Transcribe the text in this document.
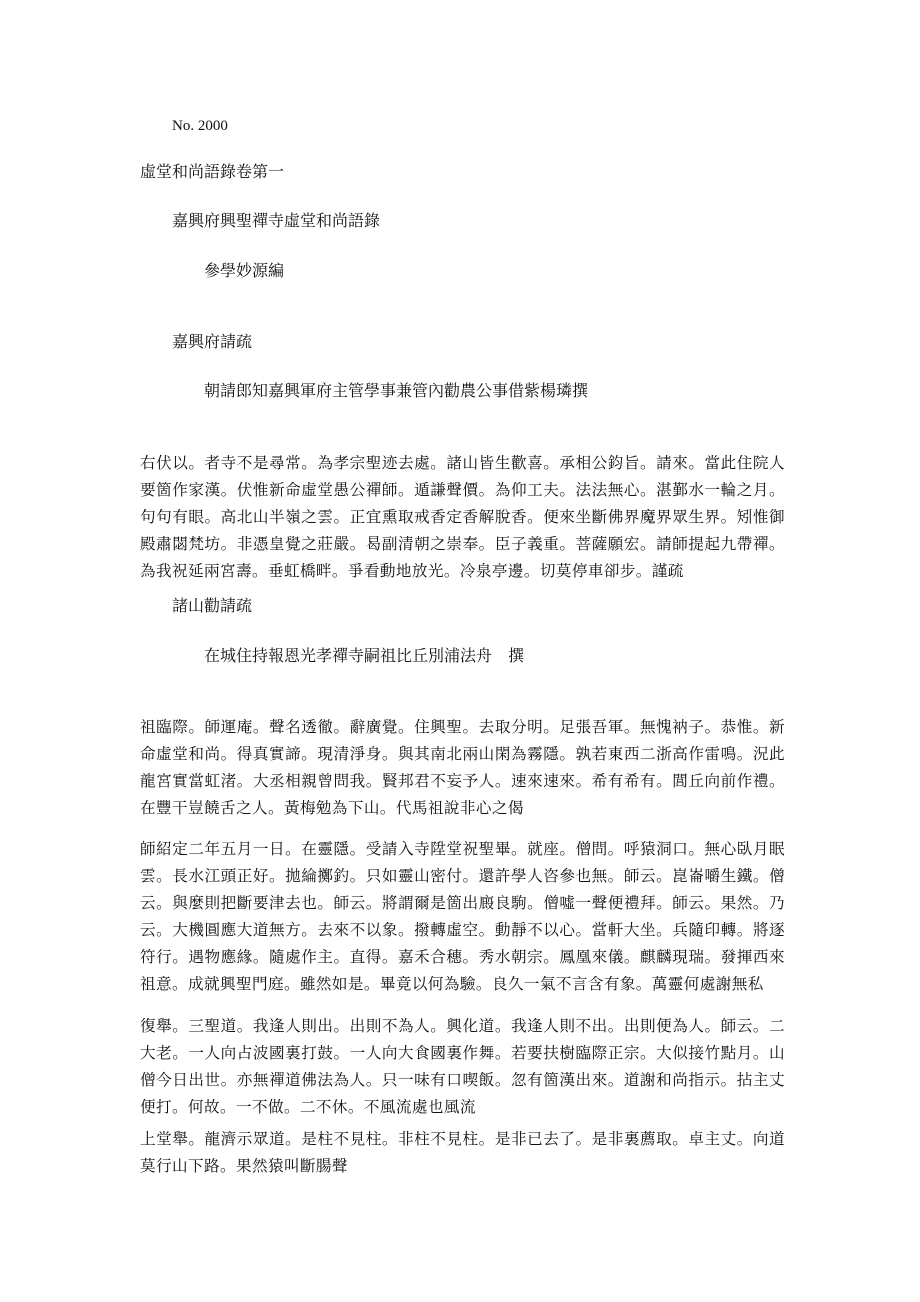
No. 2000
虛堂和尚語錄卷第一
嘉興府興聖禪寺虛堂和尚語錄
參學妙源編
嘉興府請疏
朝請郎知嘉興軍府主管學事兼管內勸農公事借紫楊璘撰
右伏以。者寺不是尋常。為孝宗聖迹去處。諸山皆生歡喜。承相公鈞旨。請來。當此住院人要箇作家漢。伏惟新命虛堂愚公禪師。遁謙聲價。為仰工夫。法法無心。湛鄞水一輪之月。句句有眼。高北山半嶺之雲。正宜熏取戒香定香解脫香。便來坐斷佛界魔界眾生界。矧惟御殿肅閟梵坊。非憑皇覺之莊嚴。曷副清朝之崇奉。臣子義重。菩薩願宏。請師提起九帶禪。為我祝延兩宮壽。垂虹橋畔。爭看動地放光。冷泉亭邊。切莫停車卻步。謹疏
諸山勸請疏
在城住持報恩光孝禪寺嗣祖比丘別浦法舟　撰
祖臨際。師運庵。聲名透徹。辭廣覺。住興聖。去取分明。足張吾軍。無愧衲子。恭惟。新命虛堂和尚。得真實諦。現清淨身。與其南北兩山閑為霧隱。孰若東西二浙高作雷鳴。況此龍宮實當虹渚。大丞相親曾問我。賢邦君不妄予人。速來速來。希有希有。閭丘向前作禮。在豐干豈饒舌之人。黃梅勉為下山。代馬祖說非心之偈
師紹定二年五月一日。在靈隱。受請入寺陞堂祝聖畢。就座。僧問。呼猿洞口。無心臥月眠雲。長水江頭正好。拋綸擲釣。只如靈山密付。還許學人咨參也無。師云。崑崙嚼生鐵。僧云。與麼則把斷要津去也。師云。將謂爾是箇出廄良駒。僧噓一聲便禮拜。師云。果然。乃云。大機圓應大道無方。去來不以象。撥轉虛空。動靜不以心。當軒大坐。兵隨印轉。將逐符行。遇物應緣。隨處作主。直得。嘉禾合穗。秀水朝宗。鳳凰來儀。麒麟現瑞。發揮西來祖意。成就興聖門庭。雖然如是。畢竟以何為驗。良久一氣不言含有象。萬靈何處謝無私
復舉。三聖道。我逢人則出。出則不為人。興化道。我逢人則不出。出則便為人。師云。二大老。一人向占波國裏打鼓。一人向大食國裏作舞。若要扶樹臨際正宗。大似接竹點月。山僧今日出世。亦無禪道佛法為人。只一味有口喫飯。忽有箇漢出來。道謝和尚指示。拈主丈便打。何故。一不做。二不休。不風流處也風流
上堂舉。龍濟示眾道。是柱不見柱。非柱不見柱。是非已去了。是非裏薦取。卓主丈。向道莫行山下路。果然猿叫斷腸聲
